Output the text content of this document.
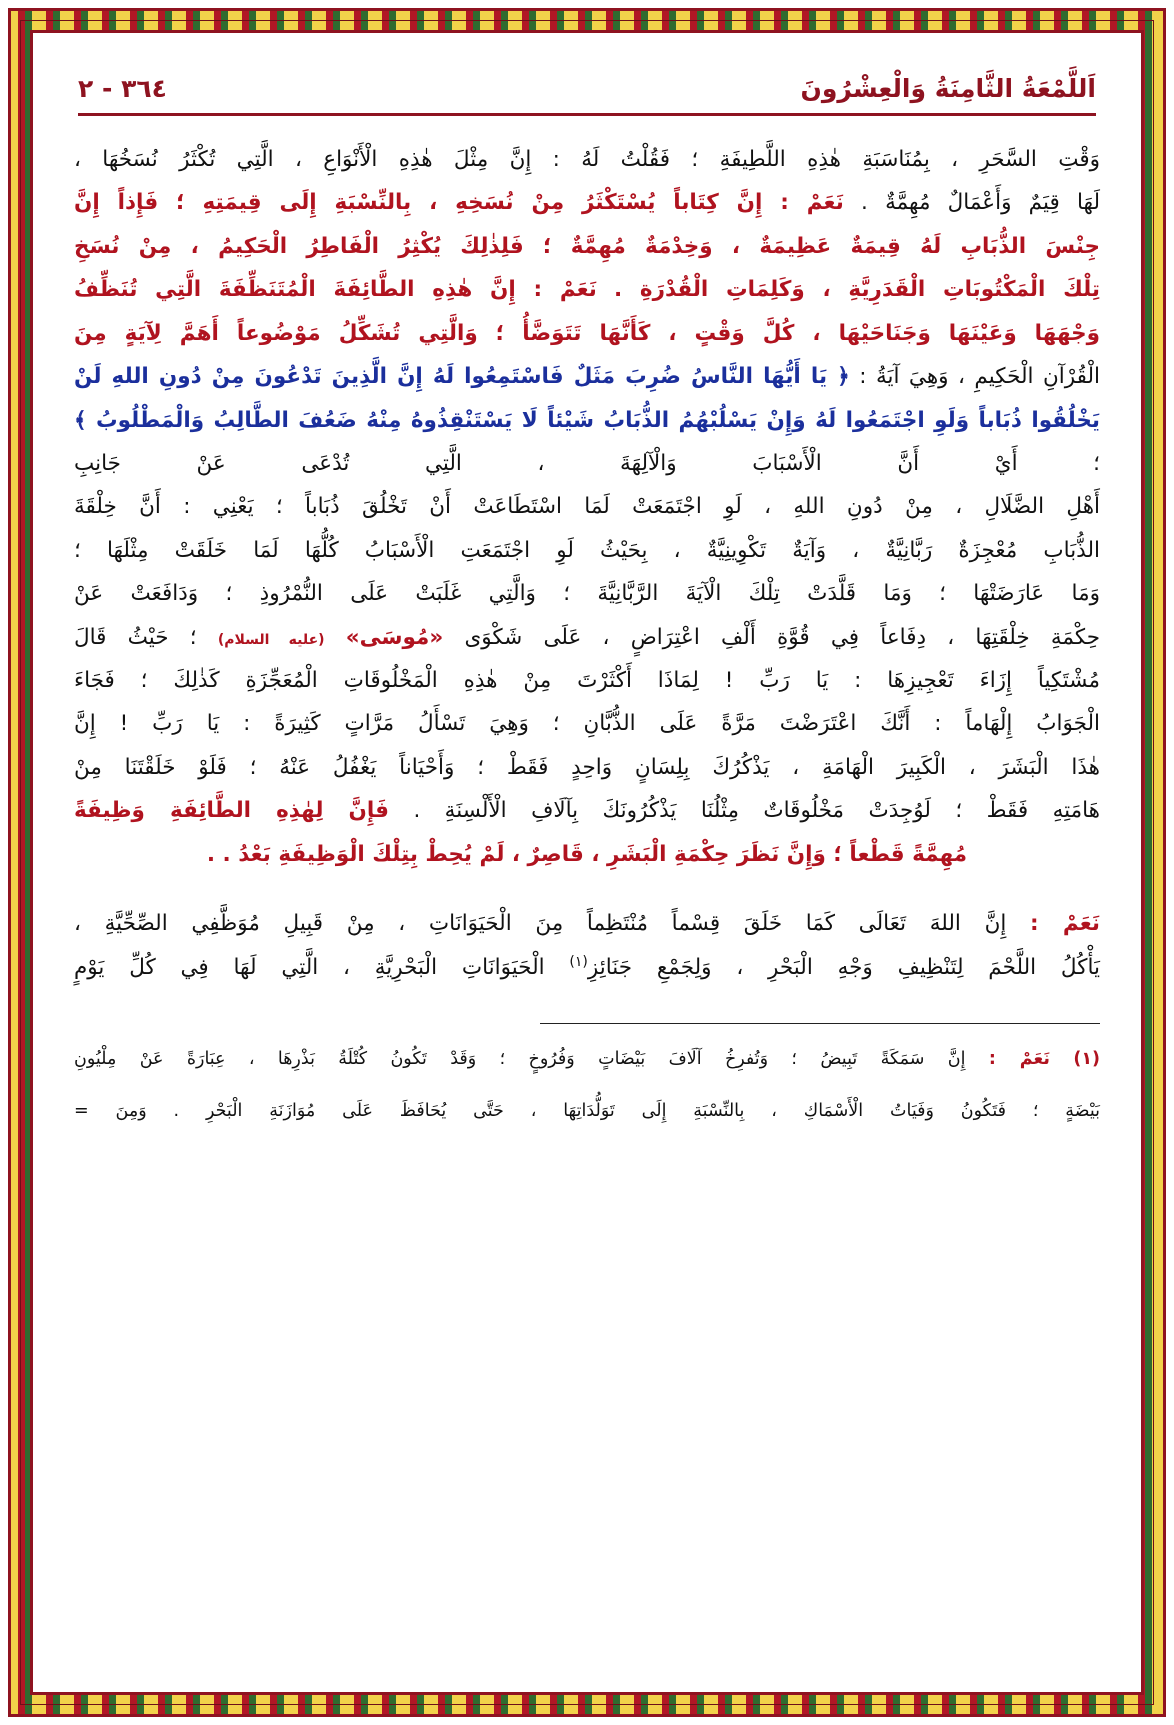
اَللَّمْعَةُ الثَّامِنَةُ وَالْعِشْرُونَ
٣٦٤ - ٢

وَقْتِ السَّحَرِ ، بِمُنَاسَبَةِ هٰذِهِ اللَّطِيفَةِ ؛ فَقُلْتُ لَهُ : إِنَّ مِثْلَ هٰذِهِ الْأَنْوَاعِ ، الَّتِي تُكْثَرُ نُسَخُهَا ،

لَهَا قِيَمٌ وَأَعْمَالٌ مُهِمَّةٌ . نَعَمْ : إِنَّ كِتَاباً يُسْتَكْثَرُ مِنْ نُسَخِهِ ، بِالنِّسْبَةِ إِلَى قِيمَتِهِ ؛ فَإِذاً إِنَّ

جِنْسَ الذُّبَابِ لَهُ قِيمَةٌ عَظِيمَةٌ ، وَخِدْمَةٌ مُهِمَّةٌ ؛ فَلِذٰلِكَ يُكْثِرُ الْفَاطِرُ الْحَكِيمُ ، مِنْ نُسَخِ

تِلْكَ الْمَكْتُوبَاتِ الْقَدَرِيَّةِ ، وَكَلِمَاتِ الْقُدْرَةِ . نَعَمْ : إِنَّ هٰذِهِ الطَّائِفَةَ الْمُتَنَظِّفَةَ الَّتِي تُنَظِّفُ

وَجْهَهَا وَعَيْنَهَا وَجَنَاحَيْهَا ، كُلَّ وَقْتٍ ، كَأَنَّهَا تَتَوَضَّأُ ؛ وَالَّتِي تُشَكِّلُ مَوْضُوعاً أَهَمَّ لِآيَةٍ مِنَ

الْقُرْآنِ الْحَكِيمِ ، وَهِيَ آيَةُ : ﴿ يَا أَيُّهَا النَّاسُ ضُرِبَ مَثَلٌ فَاسْتَمِعُوا لَهُ إِنَّ الَّذِينَ تَدْعُونَ مِنْ دُونِ اللهِ لَنْ يَخْلُقُوا ذُبَاباً وَلَوِ اجْتَمَعُوا لَهُ وَإِنْ يَسْلُبْهُمُ الذُّبَابُ شَيْئاً لَا يَسْتَنْقِذُوهُ مِنْهُ ضَعُفَ الطَّالِبُ وَالْمَطْلُوبُ ﴾

؛ أَيْ أَنَّ الْأَسْبَابَ وَالْآلِهَةَ ، الَّتِي تُدْعَى عَنْ جَانِبِ

أَهْلِ الضَّلَالِ ، مِنْ دُونِ اللهِ ، لَوِ اجْتَمَعَتْ لَمَا اسْتَطَاعَتْ أَنْ تَخْلُقَ ذُبَاباً ؛ يَعْنِي : أَنَّ خِلْقَةَ

الذُّبَابِ مُعْجِزَةٌ رَبَّانِيَّةٌ ، وَآيَةٌ تَكْوِينِيَّةٌ ، بِحَيْثُ لَوِ اجْتَمَعَتِ الْأَسْبَابُ كُلُّهَا لَمَا خَلَقَتْ مِثْلَهَا ؛

وَمَا عَارَضَتْهَا ؛ وَمَا قَلَّدَتْ تِلْكَ الْآيَةَ الرَّبَّانِيَّةَ ؛ وَالَّتِي غَلَبَتْ عَلَى النُّمْرُوذِ ؛ وَدَافَعَتْ عَنْ

حِكْمَةِ خِلْقَتِهَا ، دِفَاعاً فِي قُوَّةِ أَلْفِ اعْتِرَاضٍ ، عَلَى شَكْوَى «مُوسَى» (عليه السلام) ؛ حَيْثُ قَالَ

مُشْتَكِياً إِزَاءَ تَعْجِيزِهَا : يَا رَبِّ ! لِمَاذَا أَكْثَرْتَ مِنْ هٰذِهِ الْمَخْلُوقَاتِ الْمُعَجِّزَةِ كَذٰلِكَ ؛ فَجَاءَ

الْجَوَابُ إِلْهَاماً : أَنَّكَ اعْتَرَضْتَ مَرَّةً عَلَى الذُّبَّانِ ؛ وَهِيَ تَسْأَلُ مَرَّاتٍ كَثِيرَةً : يَا رَبِّ ! إِنَّ

هٰذَا الْبَشَرَ ، الْكَبِيرَ الْهَامَةِ ، يَذْكُرُكَ بِلِسَانٍ وَاحِدٍ فَقَطْ ؛ وَأَحْيَاناً يَغْفُلُ عَنْهُ ؛ فَلَوْ خَلَقْتَنَا مِنْ

هَامَتِهِ فَقَطْ ؛ لَوُجِدَتْ مَخْلُوقَاتٌ مِثْلُنَا يَذْكُرُونَكَ بِآلَافِ الْأَلْسِنَةِ . فَإِنَّ لِهٰذِهِ الطَّائِفَةِ وَظِيفَةً

مُهِمَّةً قَطْعاً ؛ وَإِنَّ نَظَرَ حِكْمَةِ الْبَشَرِ ، قَاصِرٌ ، لَمْ يُحِطْ بِتِلْكَ الْوَظِيفَةِ بَعْدُ . .

نَعَمْ : إِنَّ اللهَ تَعَالَى كَمَا خَلَقَ قِسْماً مُنْتَظِماً مِنَ الْحَيَوَانَاتِ ، مِنْ قَبِيلِ مُوَظَّفِي الصِّحِّيَّةِ ،

يَأْكُلُ اللَّحْمَ لِتَنْظِيفِ وَجْهِ الْبَحْرِ ، وَلِجَمْعِ جَنَائِزِ$^{(١)}$ الْحَيَوَانَاتِ الْبَحْرِيَّةِ ، الَّتِي لَهَا فِي كُلِّ يَوْمٍ

(١) نَعَمْ : إِنَّ سَمَكَةً تَبِيضُ ؛ وَتُفرِخُ آلَافَ بَيْضَاتٍ وَفُرُوخٍ ؛ وَقَدْ تَكُونُ كُتْلَةُ بَذْرِهَا ، عِبَارَةً عَنْ مِلْيُونِ

بَيْضَةٍ ؛ فَتَكُونُ وَفَيَاتُ الْأَسْمَاكِ ، بِالنِّسْبَةِ إِلَى تَوَلُّدَاتِهَا ، حَتَّى يُحَافَظَ عَلَى مُوَازَنَةِ الْبَحْرِ . وَمِنَ =
